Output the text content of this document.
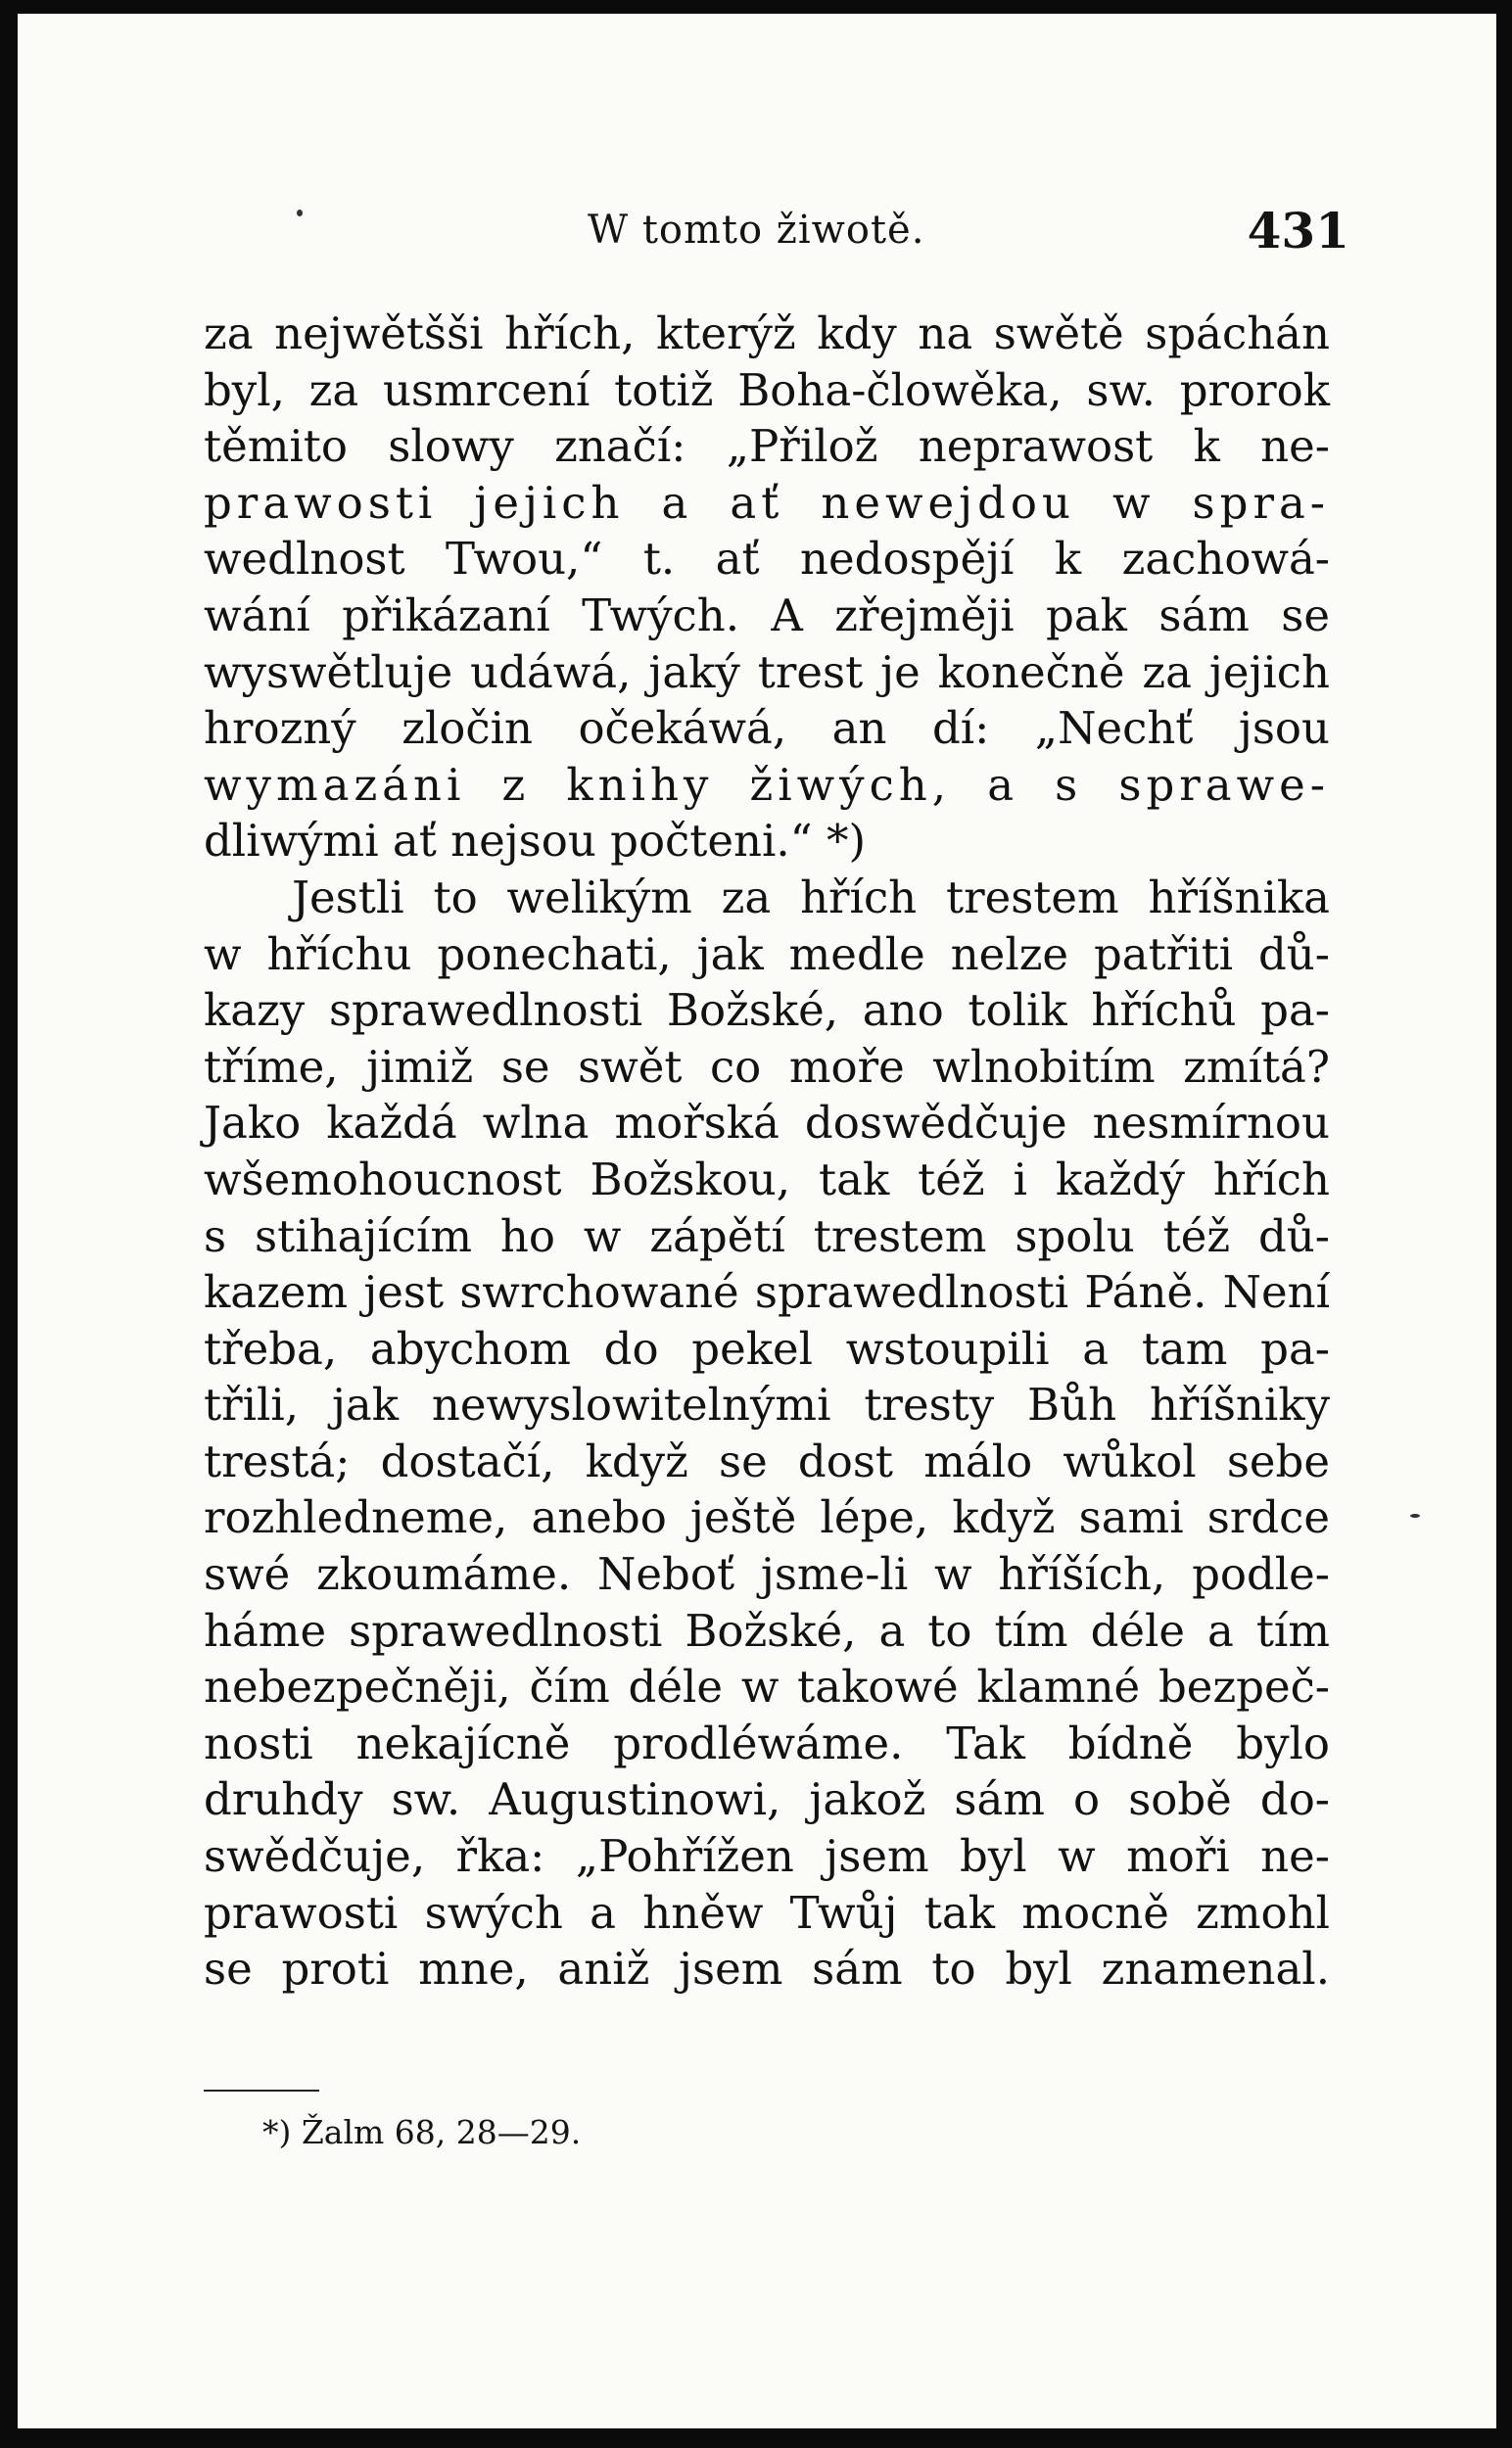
W tomto žiwotě.	431
za nejwětšši hřích, kterýž kdy na swětě spáchán
byl, za usmrcení totiž Boha-člowěka, sw. prorok
těmito slowy značí: „Přilož neprawost k ne-
prawosti jejich a ať newejdou w spra-
wedlnost Twou,“ t. ať nedospějí k zachowá-
wání přikázaní Twých. A zřejměji pak sám se
wyswětluje udáwá, jaký trest je konečně za jejich
hrozný zločin očekáwá, an dí: „Nechť jsou
wymazáni z knihy žiwých, a s sprawe-
dliwými ať nejsou počteni.“ *)
Jestli to welikým za hřích trestem hříšnika
w hříchu ponechati, jak medle nelze patřiti dů-
kazy sprawedlnosti Božské, ano tolik hříchů pa-
tříme, jimiž se swět co moře wlnobitím zmítá?
Jako každá wlna mořská doswědčuje nesmírnou
wšemohoucnost Božskou, tak též i každý hřích
s stihajícím ho w zápětí trestem spolu též dů-
kazem jest swrchowané sprawedlnosti Páně. Není
třeba, abychom do pekel wstoupili a tam pa-
třili, jak newyslowitelnými tresty Bůh hříšniky
trestá; dostačí, když se dost málo wůkol sebe
rozhledneme, anebo ještě lépe, když sami srdce
swé zkoumáme. Neboť jsme-li w hříších, podle-
háme sprawedlnosti Božské, a to tím déle a tím
nebezpečněji, čím déle w takowé klamné bezpeč-
nosti nekajícně prodléwáme. Tak bídně bylo
druhdy sw. Augustinowi, jakož sám o sobě do-
swědčuje, řka: „Pohřížen jsem byl w moři ne-
prawosti swých a hněw Twůj tak mocně zmohl
se proti mne, aniž jsem sám to byl znamenal.
*) Žalm 68, 28—29.
